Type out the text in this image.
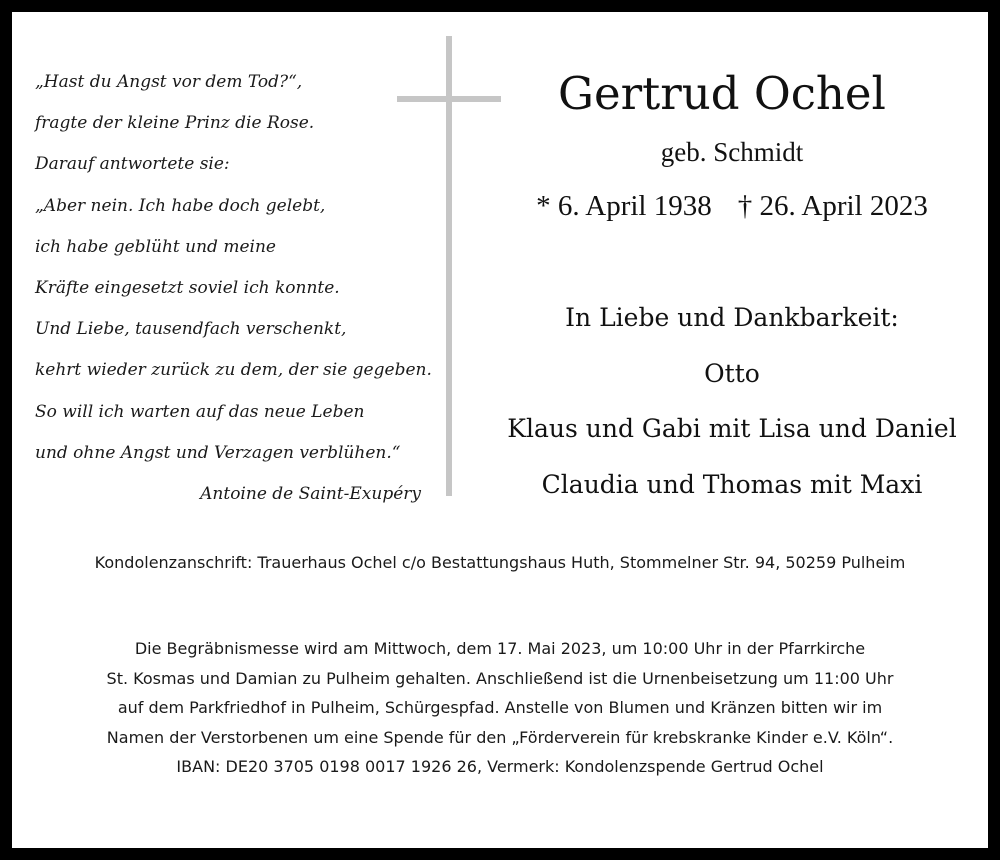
„Hast du Angst vor dem Tod?“,
fragte der kleine Prinz die Rose.
Darauf antwortete sie:
„Aber nein. Ich habe doch gelebt,
ich habe geblüht und meine
Kräfte eingesetzt soviel ich konnte.
Und Liebe, tausendfach verschenkt,
kehrt wieder zurück zu dem, der sie gegeben.
So will ich warten auf das neue Leben
und ohne Angst und Verzagen verblühen.“
Antoine de Saint-Exupéry
Gertrud Ochel
geb. Schmidt
* 6. April 1938 † 26. April 2023
In Liebe und Dankbarkeit:
Otto
Klaus und Gabi mit Lisa und Daniel
Claudia und Thomas mit Maxi
Kondolenzanschrift: Trauerhaus Ochel c/o Bestattungshaus Huth, Stommelner Str. 94, 50259 Pulheim
Die Begräbnismesse wird am Mittwoch, dem 17. Mai 2023, um 10:00 Uhr in der Pfarrkirche
St. Kosmas und Damian zu Pulheim gehalten. Anschließend ist die Urnenbeisetzung um 11:00 Uhr
auf dem Parkfriedhof in Pulheim, Schürgespfad. Anstelle von Blumen und Kränzen bitten wir im
Namen der Verstorbenen um eine Spende für den „Förderverein für krebskranke Kinder e.V. Köln“.
IBAN: DE20 3705 0198 0017 1926 26, Vermerk: Kondolenzspende Gertrud Ochel
